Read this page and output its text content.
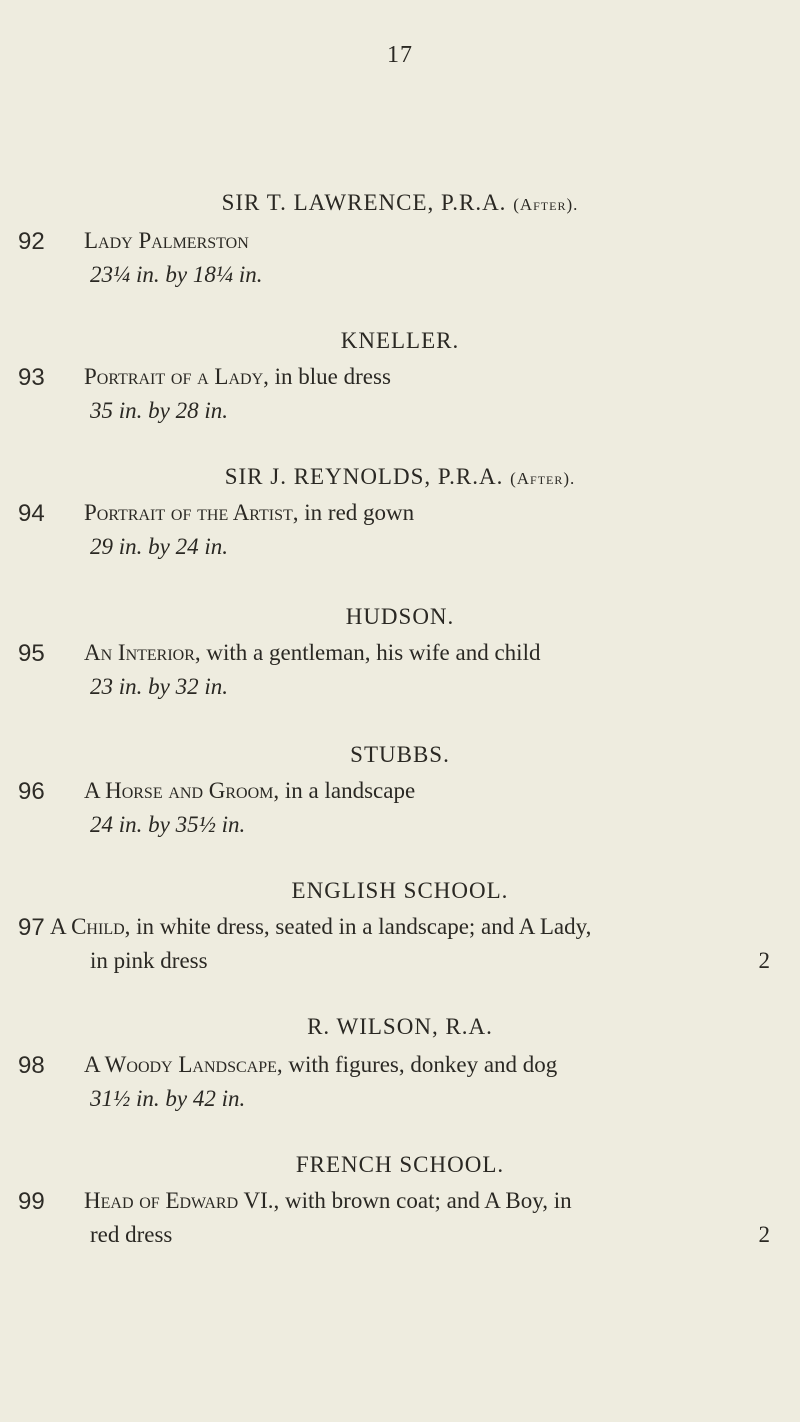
17
SIR T. LAWRENCE, P.R.A. (After).
92 Lady Palmerston
23¼ in. by 18¼ in.
KNELLER.
93 Portrait of a Lady, in blue dress
35 in. by 28 in.
SIR J. REYNOLDS, P.R.A. (After).
94 Portrait of the Artist, in red gown
29 in. by 24 in.
HUDSON.
95 An Interior, with a gentleman, his wife and child
23 in. by 32 in.
STUBBS.
96 A Horse and Groom, in a landscape
24 in. by 35½ in.
ENGLISH SCHOOL.
97 A Child, in white dress, seated in a landscape; and A Lady,
in pink dress	2
R. WILSON, R.A.
98 A Woody Landscape, with figures, donkey and dog
31½ in. by 42 in.
FRENCH SCHOOL.
99 Head of Edward VI., with brown coat; and A Boy, in
red dress	2
